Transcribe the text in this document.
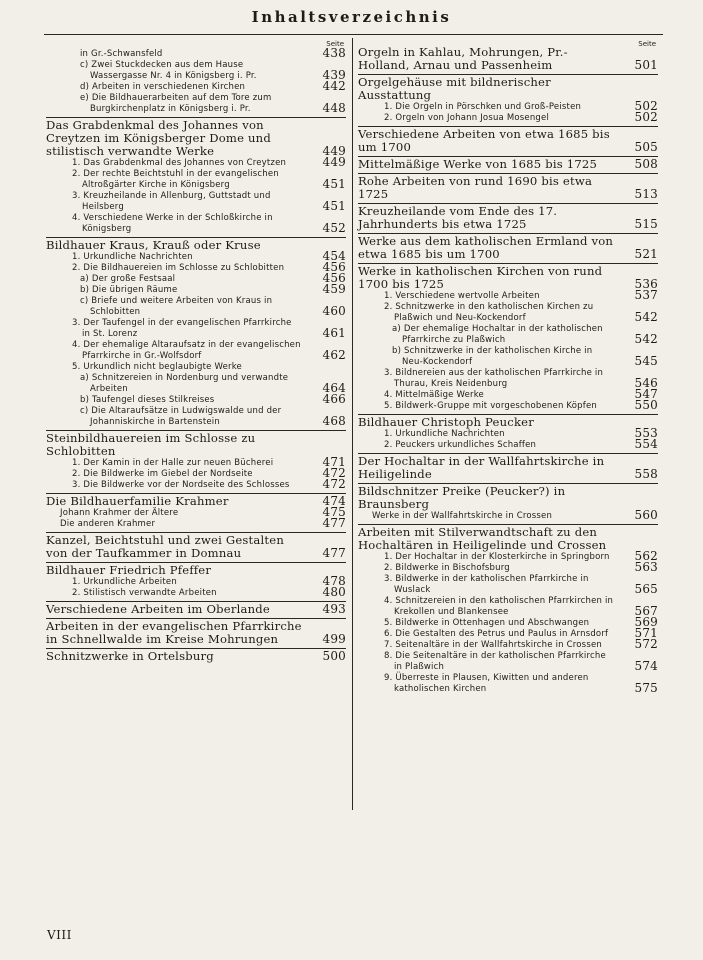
Inhaltsverzeichnis
Seite
in Gr.-Schwansfeld	438
c) Zwei Stuckdecken aus dem Hause Wassergasse Nr. 4 in Königsberg i. Pr.	439
d) Arbeiten in verschiedenen Kirchen	442
e) Die Bildhauerarbeiten auf dem Tore zum Burgkirchenplatz in Königsberg i. Pr.	448
Das Grabdenkmal des Johannes von Creytzen im Königsberger Dome und stilistisch verwandte Werke	449
1. Das Grabdenkmal des Johannes von Creytzen	449
2. Der rechte Beichtstuhl in der evangelischen Altroßgärter Kirche in Königsberg	451
3. Kreuzheilande in Allenburg, Guttstadt und Heilsberg	451
4. Verschiedene Werke in der Schloßkirche in Königsberg	452
Bildhauer Kraus, Krauß oder Kruse
1. Urkundliche Nachrichten	454
2. Die Bildhauereien im Schlosse zu Schlobitten	456
a) Der große Festsaal	456
b) Die übrigen Räume	459
c) Briefe und weitere Arbeiten von Kraus in Schlobitten	460
3. Der Taufengel in der evangelischen Pfarrkirche in St. Lorenz	461
4. Der ehemalige Altaraufsatz in der evangelischen Pfarrkirche in Gr.-Wolfsdorf	462
5. Urkundlich nicht beglaubigte Werke
a) Schnitzereien in Nordenburg und verwandte Arbeiten	464
b) Taufengel dieses Stilkreises	466
c) Die Altaraufsätze in Ludwigswalde und der Johanniskirche in Bartenstein	468
Steinbildhauereien im Schlosse zu Schlobitten
1. Der Kamin in der Halle zur neuen Bücherei	471
2. Die Bildwerke im Giebel der Nordseite	472
3. Die Bildwerke vor der Nordseite des Schlosses	472
Die Bildhauerfamilie Krahmer	474
Johann Krahmer der Ältere	475
Die anderen Krahmer	477
Kanzel, Beichtstuhl und zwei Gestalten von der Taufkammer in Domnau	477
Bildhauer Friedrich Pfeffer
1. Urkundliche Arbeiten	478
2. Stilistisch verwandte Arbeiten	480
Verschiedene Arbeiten im Oberlande	493
Arbeiten in der evangelischen Pfarrkirche in Schnellwalde im Kreise Mohrungen	499
Schnitzwerke in Ortelsburg	500
Seite
Orgeln in Kahlau, Mohrungen, Pr.-Holland, Arnau und Passenheim	501
Orgelgehäuse mit bildnerischer Ausstattung
1. Die Orgeln in Pörschken und Groß-Peisten	502
2. Orgeln von Johann Josua Mosengel	502
Verschiedene Arbeiten von etwa 1685 bis um 1700	505
Mittelmäßige Werke von 1685 bis 1725	508
Rohe Arbeiten von rund 1690 bis etwa 1725	513
Kreuzheilande vom Ende des 17. Jahrhunderts bis etwa 1725	515
Werke aus dem katholischen Ermland von etwa 1685 bis um 1700	521
Werke in katholischen Kirchen von rund 1700 bis 1725	536
1. Verschiedene wertvolle Arbeiten	537
2. Schnitzwerke in den katholischen Kirchen zu Plaßwich und Neu-Kockendorf	542
a) Der ehemalige Hochaltar in der katholischen Pfarrkirche zu Plaßwich	542
b) Schnitzwerke in der katholischen Kirche in Neu-Kockendorf	545
3. Bildnereien aus der katholischen Pfarrkirche in Thurau, Kreis Neidenburg	546
4. Mittelmäßige Werke	547
5. Bildwerk-Gruppe mit vorgeschobenen Köpfen	550
Bildhauer Christoph Peucker
1. Urkundliche Nachrichten	553
2. Peuckers urkundliches Schaffen	554
Der Hochaltar in der Wallfahrtskirche in Heiligelinde	558
Bildschnitzer Preike (Peucker?) in Braunsberg
Werke in der Wallfahrtskirche in Crossen	560
Arbeiten mit Stilverwandtschaft zu den Hochaltären in Heiligelinde und Crossen
1. Der Hochaltar in der Klosterkirche in Springborn	562
2. Bildwerke in Bischofsburg	563
3. Bildwerke in der katholischen Pfarrkirche in Wuslack	565
4. Schnitzereien in den katholischen Pfarrkirchen in Krekollen und Blankensee	567
5. Bildwerke in Ottenhagen und Abschwangen	569
6. Die Gestalten des Petrus und Paulus in Arnsdorf	571
7. Seitenaltäre in der Wallfahrtskirche in Crossen	572
8. Die Seitenaltäre in der katholischen Pfarrkirche in Plaßwich	574
9. Überreste in Plausen, Kiwitten und anderen katholischen Kirchen	575
VIII
